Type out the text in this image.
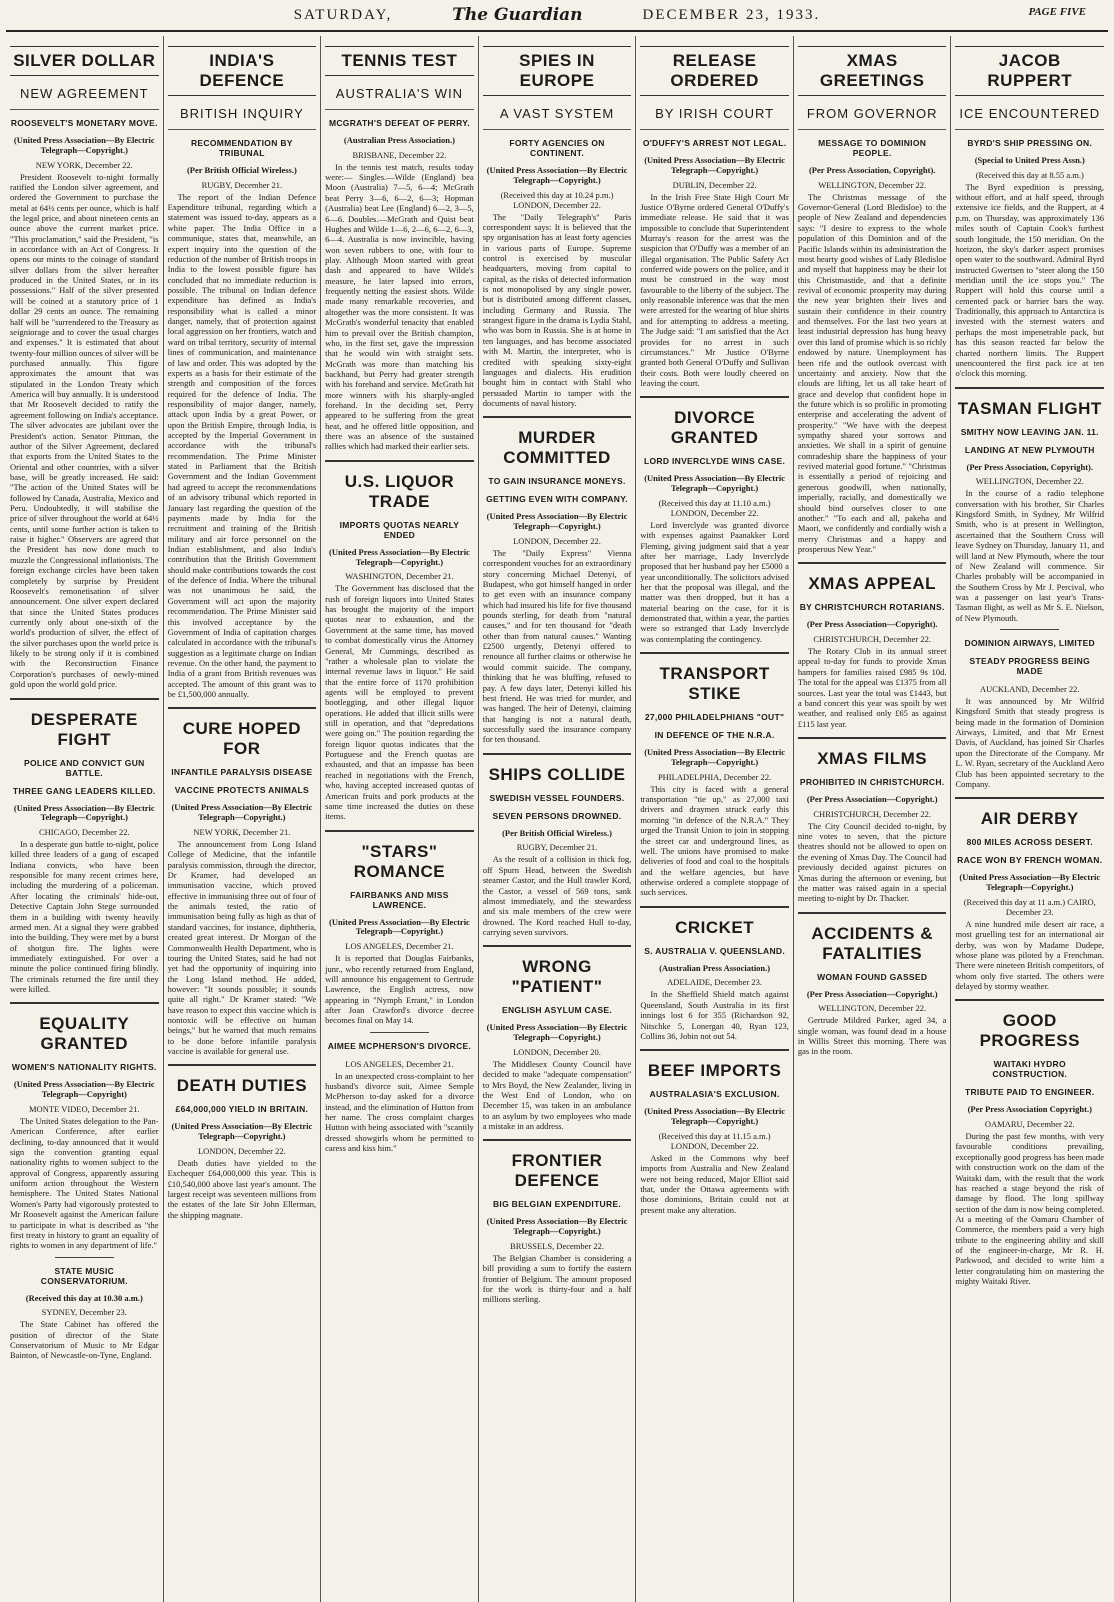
SATURDAY,	The Guardian	DECEMBER 23, 1933.	PAGE FIVE
SILVER DOLLAR
NEW AGREEMENT
ROOSEVELT'S MONETARY MOVE.
(United Press Association—By Electric Telegraph—Copyright.)
NEW YORK, December 22.
President Roosevelt to-night formally ratified the London silver agreement, and ordered the Government to purchase the metal at 64½ cents per ounce, which is half the legal price, and about nineteen cents an ounce above the current market price. "This proclamation," said the President, "is in accordance with an Act of Congress. It opens our mints to the coinage of standard silver dollars from the silver hereafter produced in the United States, or in its possessions." Half of the silver presented will be coined at a statutory price of 1 dollar 29 cents an ounce. The remaining half will be "surrendered to the Treasury as seigniorage and to cover the usual charges and expenses." It is estimated that about twenty-four million ounces of silver will be purchased annually. This figure approximates the amount that was stipulated in the London Treaty which America will buy annually. It is understood that Mr Roosevelt decided to ratify the agreement following on India's acceptance. The silver advocates are jubilant over the President's action. Senator Pittman, the author of the Silver Agreement, declared that exports from the United States to the Oriental and other countries, with a silver base, will be greatly increased. He said: "The action of the United States will be followed by Canada, Australia, Mexico and Peru. Undoubtedly, it will stabilise the price of silver throughout the world at 64½ cents, until some further action is taken to raise it higher." Observers are agreed that the President has now done much to muzzle the Congressional inflationists. The foreign exchange circles have been taken completely by surprise by President Roosevelt's remonetisation of silver announcement. One silver expert declared that since the United States produces currently only about one-sixth of the world's production of silver, the effect of the silver purchases upon the world price is likely to be strong only if it is combined with the Reconstruction Finance Corporation's purchases of newly-mined gold upon the world gold price.
DESPERATE FIGHT
POLICE AND CONVICT GUN BATTLE.
THREE GANG LEADERS KILLED.
(United Press Association—By Electric Telegraph—Copyright.)
CHICAGO, December 22.
In a desperate gun battle to-night, police killed three leaders of a gang of escaped Indiana convicts, who have been responsible for many recent crimes here, including the murdering of a policeman. After locating the criminals' hide-out, Detective Captain John Stege surrounded them in a building with twenty heavily armed men. At a signal they were grabbed into the building. They were met by a burst of shotgun fire. The lights were immediately extinguished. For over a minute the police continued firing blindly. The criminals returned the fire until they were killed.
EQUALITY GRANTED
WOMEN'S NATIONALITY RIGHTS.
(United Press Association—By Electric Telegraph—Copyright)
MONTE VIDEO, December 21.
The United States delegation to the Pan-American Conference, after earlier declining, to-day announced that it would sign the convention granting equal nationality rights to women subject to the approval of Congress, apparently assuring uniform action throughout the Western hemisphere. The United States National Women's Party had vigorously protested to Mr Roosevelt against the American failure to participate in what is described as "the first treaty in history to grant an equality of rights to women in any department of life."
STATE MUSIC CONSERVATORIUM.
(Received this day at 10.30 a.m.)
SYDNEY, December 23.
The State Cabinet has offered the position of director of the State Conservatorium of Music to Mr Edgar Bainton, of Newcastle-on-Tyne, England.
INDIA'S DEFENCE
BRITISH INQUIRY
RECOMMENDATION BY TRIBUNAL
(Per British Official Wireless.)
RUGBY, December 21.
The report of the Indian Defence Expenditure tribunal, regarding which a statement was issued to-day, appears as a white paper. The India Office in a communique, states that, meanwhile, an expert inquiry into the question of the reduction of the number of British troops in India to the lowest possible figure has concluded that no immediate reduction is possible. The tribunal on Indian defence expenditure has defined as India's responsibility what is called a minor danger, namely, that of protection against local aggression on her frontiers, watch and ward on tribal territory, security of internal lines of communication, and maintenance of law and order. This was adopted by the experts as a basis for their estimate of the strength and composition of the forces required for the defence of India. The responsibility of major danger, namely, attack upon India by a great Power, or upon the British Empire, through India, is accepted by the Imperial Government in accordance with the tribunal's recommendation. The Prime Minister stated in Parliament that the British Government and the Indian Government had agreed to accept the recommendations of an advisory tribunal which reported in January last regarding the question of the payments made by India for the recruitment and training of the British military and air force personnel on the Indian establishment, and also India's contribution that the British Government should make contributions towards the cost of the defence of India. Where the tribunal was not unanimous he said, the Government will act upon the majority recommendation. The Prime Minister said this involved acceptance by the Government of India of capitation charges calculated in accordance with the tribunal's suggestion as a legitimate charge on Indian revenue. On the other hand, the payment to India of a grant from British revenues was accepted. The amount of this grant was to be £1,500,000 annually.
CURE HOPED FOR
INFANTILE PARALYSIS DISEASE
VACCINE PROTECTS ANIMALS
(United Press Association—By Electric Telegraph—Copyright.)
NEW YORK, December 21.
The announcement from Long Island College of Medicine, that the infantile paralysis commission, through the director, Dr Kramer, had developed an immunisation vaccine, which proved effective in immunising three out of four of the animals tested, the ratio of immunisation being fully as high as that of standard vaccines, for instance, diphtheria, created great interest. Dr Morgan of the Commonwealth Health Department, who is touring the United States, said he had not yet had the opportunity of inquiring into the Long Island method. He added, however: "It sounds possible; it sounds quite all right." Dr Kramer stated: "We have reason to expect this vaccine which is nontoxic will be effective on human beings," but he warned that much remains to be done before infantile paralysis vaccine is available for general use.
DEATH DUTIES
£64,000,000 YIELD IN BRITAIN.
(United Press Association—By Electric Telegraph—Copyright.)
LONDON, December 22.
Death duties have yielded to the Exchequer £64,000,000 this year. This is £10,540,000 above last year's amount. The largest receipt was seventeen millions from the estates of the late Sir John Ellerman, the shipping magnate.
TENNIS TEST
AUSTRALIA'S WIN
MCGRATH'S DEFEAT OF PERRY.
(Australian Press Association.)
BRISBANE, December 22.
In the tennis test match, results today were:— Singles.—Wilde (England) bea Moon (Australia) 7—5, 6—4; McGrath beat Perry 3—6, 6—2, 6—3; Hopman (Australia) beat Lee (England) 6—2, 3—5, 6—6. Doubles.—McGrath and Quist beat Hughes and Wilde 1—6, 2—6, 6—2, 6—3, 6—4. Australia is now invincible, having won seven rubbers to one, with four to play. Although Moon started with great dash and appeared to have Wilde's measure, he later lapsed into errors, frequently netting the easiest shots. Wilde made many remarkable recoveries, and altogether was the more consistent. It was McGrath's wonderful tenacity that enabled him to prevail over the British champion, who, in the first set, gave the impression that he would win with straight sets. McGrath was more than matching his backhand, but Perry had greater strength with his forehand and service. McGrath hit more winners with his sharply-angled forehand. In the deciding set, Perry appeared to be suffering from the great heat, and he offered little opposition, and there was an absence of the sustained rallies which had marked their earlier sets.
U.S. LIQUOR TRADE
IMPORTS QUOTAS NEARLY ENDED
(United Press Association—By Electric Telegraph—Copyright.)
WASHINGTON, December 21.
The Government has disclosed that the rush of foreign liquors into United States has brought the majority of the import quotas near to exhaustion, and the Government at the same time, has moved to combat domestically virus the Attorney General, Mr Cummings, described as "rather a wholesale plan to violate the internal revenue laws in liquor." He said that the entire force of 1170 prohibition agents will be employed to prevent bootlegging, and other illegal liquor operations. He added that illicit stills were still in operation, and that "depredations were going on." The position regarding the foreign liquor quotas indicates that the Portuguese and the French quotas are exhausted, and that an impasse has been reached in negotiations with the French, who, having accepted increased quotas of American fruits and pork products at the same time increased the duties on these items.
"STARS" ROMANCE
FAIRBANKS AND MISS LAWRENCE.
(United Press Association—By Electric Telegraph—Copyright.)
LOS ANGELES, December 21.
It is reported that Douglas Fairbanks, junr., who recently returned from England, will announce his engagement to Gertrude Lawrence, the English actress, now appearing in "Nymph Errant," in London after Joan Crawford's divorce decree becomes final on May 14.
AIMEE MCPHERSON'S DIVORCE.
LOS ANGELES, December 21.
In an unexpected cross-complaint to her husband's divorce suit, Aimee Semple McPherson to-day asked for a divorce instead, and the elimination of Hutton from her name. The cross complaint charges Hutton with being associated with "scantily dressed showgirls whom he permitted to caress and kiss him."
SPIES IN EUROPE
A VAST SYSTEM
FORTY AGENCIES ON CONTINENT.
(United Press Association—By Electric Telegraph—Copyright.)
(Received this day at 10.24 p.m.) LONDON, December 22.
The "Daily Telegraph's" Paris correspondent says: It is believed that the spy organisation has at least forty agencies in various parts of Europe. Supreme control is exercised by muscular headquarters, moving from capital to capital, as the risks of detected information is not monopolised by any single power, but is distributed among different classes, including Germany and Russia. The strangest figure in the drama is Lydia Stahl, who was born in Russia. She is at home in ten languages, and has become associated with M. Martin, the interpreter, who is credited with speaking sixty-eight languages and dialects. His erudition bought him in contact with Stahl who persuaded Martin to tamper with the documents of naval history.
MURDER COMMITTED
TO GAIN INSURANCE MONEYS.
GETTING EVEN WITH COMPANY.
(United Press Association—By Electric Telegraph—Copyright.)
LONDON, December 22.
The "Daily Express" Vienna correspondent vouches for an extraordinary story concerning Michael Detenyi, of Budapest, who got himself hanged in order to get even with an insurance company which had insured his life for five thousand pounds sterling, for death from "natural causes," and for ten thousand for "death other than from natural causes." Wanting £2500 urgently, Detenyi offered to renounce all further claims or otherwise he would commit suicide. The company, thinking that he was bluffing, refused to pay. A few days later, Detenyi killed his best friend. He was tried for murder, and was hanged. The heir of Detenyi, claiming that hanging is not a natural death, successfully sued the insurance company for ten thousand.
SHIPS COLLIDE
SWEDISH VESSEL FOUNDERS.
SEVEN PERSONS DROWNED.
(Per British Official Wireless.)
RUGBY, December 21.
As the result of a collision in thick fog, off Spurn Head, between the Swedish steamer Castor, and the Hull trawler Kord, the Castor, a vessel of 569 tons, sank almost immediately, and the stewardess and six male members of the crew were drowned. The Kord reached Hull to-day, carrying seven survivors.
WRONG "PATIENT"
ENGLISH ASYLUM CASE.
(United Press Association—By Electric Telegraph—Copyright.)
LONDON, December 20.
The Middlesex County Council have decided to make "adequate compensation" to Mrs Boyd, the New Zealander, living in the West End of London, who on December 15, was taken in an ambulance to an asylum by two employees who made a mistake in an address.
FRONTIER DEFENCE
BIG BELGIAN EXPENDITURE.
(United Press Association—By Electric Telegraph—Copyright.)
BRUSSELS, December 22.
The Belgian Chamber is considering a bill providing a sum to fortify the eastern frontier of Belgium. The amount proposed for the work is thirty-four and a half millions sterling.
RELEASE ORDERED
BY IRISH COURT
O'DUFFY'S ARREST NOT LEGAL.
(United Press Association—By Electric Telegraph—Copyright.)
DUBLIN, December 22.
In the Irish Free State High Court Mr Justice O'Byrne ordered General O'Duffy's immediate release. He said that it was impossible to conclude that Superintendent Murray's reason for the arrest was the suspicion that O'Duffy was a member of an illegal organisation. The Public Safety Act conferred wide powers on the police, and it must be construed in the way most favourable to the liberty of the subject. The only reasonable inference was that the men were arrested for the wearing of blue shirts and for attempting to address a meeting. The Judge said: "I am satisfied that the Act provides for no arrest in such circumstances." Mr Justice O'Byrne granted both General O'Duffy and Sullivan their costs. Both were loudly cheered on leaving the court.
DIVORCE GRANTED
LORD INVERCLYDE WINS CASE.
(United Press Association—By Electric Telegraph—Copyright.)
(Received this day at 11.10 a.m.) LONDON, December 22.
Lord Inverclyde was granted divorce with expenses against Paanakker Lord Fleming, giving judgment said that a year after her marriage, Lady Inverclyde proposed that her husband pay her £5000 a year unconditionally. The solicitors advised her that the proposal was illegal, and the matter was then dropped, but it has a material bearing on the case, for it is demonstrated that, within a year, the parties were so estranged that Lady Inverclyde was contemplating the contingency.
TRANSPORT STIKE
27,000 PHILADELPHIANS "OUT"
IN DEFENCE OF THE N.R.A.
(United Press Association—By Electric Telegraph—Copyright.)
PHILADELPHIA, December 22.
This city is faced with a general transportation "tie up," as 27,000 taxi drivers and draymen struck early this morning "in defence of the N.R.A." They urged the Transit Union to join in stopping the street car and underground lines, as well. The unions have promised to make deliveries of food and coal to the hospitals and the welfare agencies, but have otherwise ordered a complete stoppage of such services.
CRICKET
S. AUSTRALIA V. QUEENSLAND.
(Australian Press Association.)
ADELAIDE, December 23.
In the Sheffield Shield match against Queensland, South Australia in its first innings lost 6 for 355 (Richardson 92, Nitschke 5, Lonergan 40, Ryan 123, Collins 36, Jobin not out 54.
BEEF IMPORTS
AUSTRALASIA'S EXCLUSION.
(United Press Association—By Electric Telegraph—Copyright.)
(Received this day at 11.15 a.m.) LONDON, December 22.
Asked in the Commons why beef imports from Australia and New Zealand were not being reduced, Major Elliot said that, under the Ottawa agreements with those dominions, Britain could not at present make any alteration.
XMAS GREETINGS
FROM GOVERNOR
MESSAGE TO DOMINION PEOPLE.
(Per Press Association, Copyright).
WELLINGTON, December 22.
The Christmas message of the Governor-General (Lord Bledisloe) to the people of New Zealand and dependencies says: "I desire to express to the whole population of this Dominion and of the Pacific Islands within its administration the most hearty good wishes of Lady Bledisloe and myself that happiness may be their lot this Christmastide, and that a definite revival of economic prosperity may during the new year brighten their lives and sustain their confidence in their country and themselves. For the last two years at least industrial depression has hung heavy over this land of promise which is so richly endowed by nature. Unemployment has been rife and the outlook overcast with uncertainty and anxiety. Now that the clouds are lifting, let us all take heart of grace and develop that confident hope in the future which is so prolific in promoting enterprise and accelerating the advent of prosperity." "We have with the deepest sympathy shared your sorrows and anxieties. We shall in a spirit of genuine comradeship share the happiness of your revived material good fortune." "Christmas is essentially a period of rejoicing and generous goodwill, when nationally, imperially, racially, and domestically we should bind ourselves closer to one another." "To each and all, pakeha and Maori, we confidently and cordially wish a merry Christmas and a happy and prosperous New Year."
XMAS APPEAL
BY CHRISTCHURCH ROTARIANS.
(Per Press Association—Copyright).
CHRISTCHURCH, December 22.
The Rotary Club in its annual street appeal to-day for funds to provide Xmas hampers for families raised £985 9s 10d. The total for the appeal was £1375 from all sources. Last year the total was £1443, but a band concert this year was spoilt by wet weather, and realised only £65 as against £115 last year.
XMAS FILMS
PROHIBITED IN CHRISTCHURCH.
(Per Press Association—Copyright.)
CHRISTCHURCH, December 22.
The City Council decided to-night, by nine votes to seven, that the picture theatres should not be allowed to open on the evening of Xmas Day. The Council had previously decided against pictures on Xmas during the afternoon or evening, but the matter was raised again in a special meeting to-night by Dr. Thacker.
ACCIDENTS & FATALITIES
WOMAN FOUND GASSED
(Per Press Association—Copyright.)
WELLINGTON, December 22.
Gertrude Mildred Parker, aged 34, a single woman, was found dead in a house in Willis Street this morning. There was gas in the room.
JACOB RUPPERT
ICE ENCOUNTERED
BYRD'S SHIP PRESSING ON.
(Special to United Press Assn.)
(Received this day at 8.55 a.m.)
The Byrd expedition is pressing, without effort, and at half speed, through extensive ice fields, and the Ruppert, at 4 p.m. on Thursday, was approximately 136 miles south of Captain Cook's furthest south longitude, the 150 meridian. On the horizon, the sky's darker aspect promises open water to the southward. Admiral Byrd instructed Gwertsen to "steer along the 150 meridian until the ice stops you." The Ruppert will hold this course until a cemented pack or barrier bars the way. Traditionally, this approach to Antarctica is invested with the sternest waters and perhaps the most impenetrable pack, but has this season reacted far below the charted northern limits. The Ruppert unencountered the first pack ice at ten o'clock this morning.
TASMAN FLIGHT
SMITHY NOW LEAVING JAN. 11.
LANDING AT NEW PLYMOUTH
(Per Press Association, Copyright).
WELLINGTON, December 22.
In the course of a radio telephone conversation with his brother, Sir Charles Kingsford Smith, in Sydney, Mr Wilfrid Smith, who is at present in Wellington, ascertained that the Southern Cross will leave Sydney on Thursday, January 11, and will land at New Plymouth, where the tour of New Zealand will commence. Sir Charles probably will be accompanied in the Southern Cross by Mr J. Percival, who was a passenger on last year's Trans-Tasman flight, as well as Mr S. E. Nielson, of New Plymouth.
DOMINION AIRWAYS, LIMITED
STEADY PROGRESS BEING MADE
AUCKLAND, December 22.
It was announced by Mr Wilfrid Kingsford Smith that steady progress is being made in the formation of Dominion Airways, Limited, and that Mr Ernest Davis, of Auckland, has joined Sir Charles upon the Directorate of the Company. Mr L. W. Ryan, secretary of the Auckland Aero Club has been appointed secretary to the Company.
AIR DERBY
800 MILES ACROSS DESERT.
RACE WON BY FRENCH WOMAN.
(United Press Association—By Electric Telegraph—Copyright.)
(Received this day at 11 a.m.) CAIRO, December 23.
A nine hundred mile desert air race, a most gruelling test for an international air derby, was won by Madame Dudepe, whose plane was piloted by a Frenchman. There were nineteen British competitors, of whom only five started. The others were delayed by stormy weather.
GOOD PROGRESS
WAITAKI HYDRO CONSTRUCTION.
TRIBUTE PAID TO ENGINEER.
(Per Press Association Copyright.)
OAMARU, December 22.
During the past few months, with very favourable conditions prevailing, exceptionally good progress has been made with construction work on the dam of the Waitaki dam, with the result that the work has reached a stage beyond the risk of damage by flood. The long spillway section of the dam is now being completed. At a meeting of the Oamaru Chamber of Commerce, the members paid a very high tribute to the engineering ability and skill of the engineer-in-charge, Mr R. H. Parkwood, and decided to write him a letter congratulating him on mastering the mighty Waitaki River.
